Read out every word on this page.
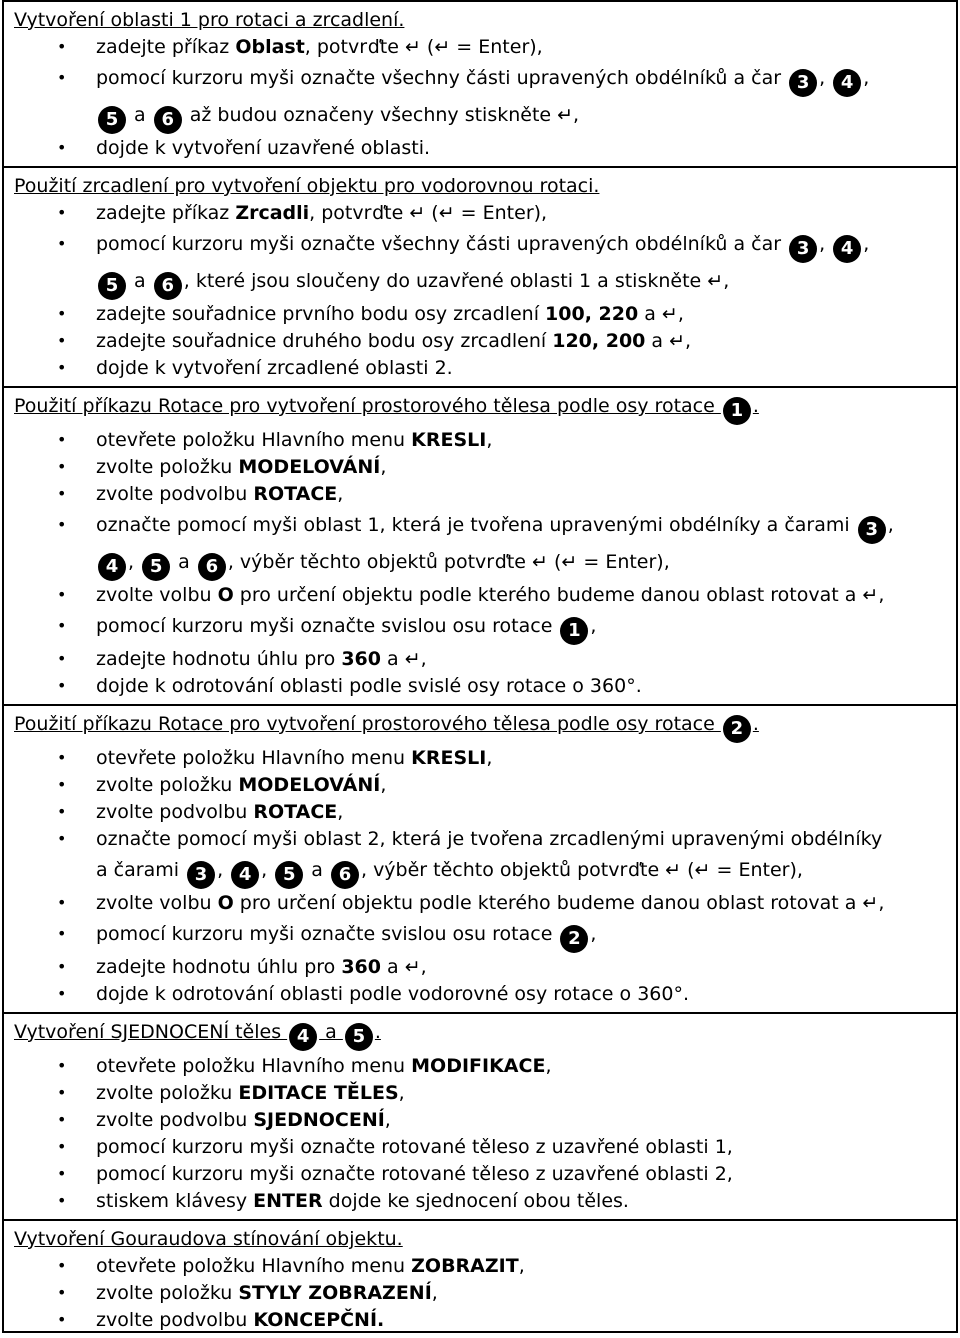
Vytvoření oblasti 1 pro rotaci a zrcadlení.
• zadejte příkaz Oblast, potvrďte ↵ (↵ = Enter),
• pomocí kurzoru myši označte všechny části upravených obdélníků a čar 3 , 4 ,
5 a 6 až budou označeny všechny stiskněte ↵,
• dojde k vytvoření uzavřené oblasti.
Použití zrcadlení pro vytvoření objektu pro vodorovnou rotaci.
• zadejte příkaz Zrcadli, potvrďte ↵ (↵ = Enter),
• pomocí kurzoru myši označte všechny části upravených obdélníků a čar 3 , 4 ,
5 a 6 , které jsou sloučeny do uzavřené oblasti 1 a stiskněte ↵,
• zadejte souřadnice prvního bodu osy zrcadlení 100, 220 a ↵,
• zadejte souřadnice druhého bodu osy zrcadlení 120, 200 a ↵,
• dojde k vytvoření zrcadlené oblasti 2.
Použití příkazu Rotace pro vytvoření prostorového tělesa podle osy rotace 1 .
• otevřete položku Hlavního menu KRESLI,
• zvolte položku MODELOVÁNÍ,
• zvolte podvolbu ROTACE,
• označte pomocí myši oblast 1, která je tvořena upravenými obdélníky a čarami 3 ,
4 , 5 a 6 , výběr těchto objektů potvrďte ↵ (↵ = Enter),
• zvolte volbu O pro určení objektu podle kterého budeme danou oblast rotovat a ↵,
• pomocí kurzoru myši označte svislou osu rotace 1 ,
• zadejte hodnotu úhlu pro 360 a ↵,
• dojde k odrotování oblasti podle svislé osy rotace o 360°.
Použití příkazu Rotace pro vytvoření prostorového tělesa podle osy rotace 2 .
• otevřete položku Hlavního menu KRESLI,
• zvolte položku MODELOVÁNÍ,
• zvolte podvolbu ROTACE,
• označte pomocí myši oblast 2, která je tvořena zrcadlenými upravenými obdélníky
a čarami 3 , 4 , 5 a 6 , výběr těchto objektů potvrďte ↵ (↵ = Enter),
• zvolte volbu O pro určení objektu podle kterého budeme danou oblast rotovat a ↵,
• pomocí kurzoru myši označte svislou osu rotace 2 ,
• zadejte hodnotu úhlu pro 360 a ↵,
• dojde k odrotování oblasti podle vodorovné osy rotace o 360°.
Vytvoření SJEDNOCENÍ těles 4 a 5 .
• otevřete položku Hlavního menu MODIFIKACE,
• zvolte položku EDITACE TĚLES,
• zvolte podvolbu SJEDNOCENÍ,
• pomocí kurzoru myši označte rotované těleso z uzavřené oblasti 1,
• pomocí kurzoru myši označte rotované těleso z uzavřené oblasti 2,
• stiskem klávesy ENTER dojde ke sjednocení obou těles.
Vytvoření Gouraudova stínování objektu.
• otevřete položku Hlavního menu ZOBRAZIT,
• zvolte položku STYLY ZOBRAZENÍ,
• zvolte podvolbu KONCEPČNÍ.
